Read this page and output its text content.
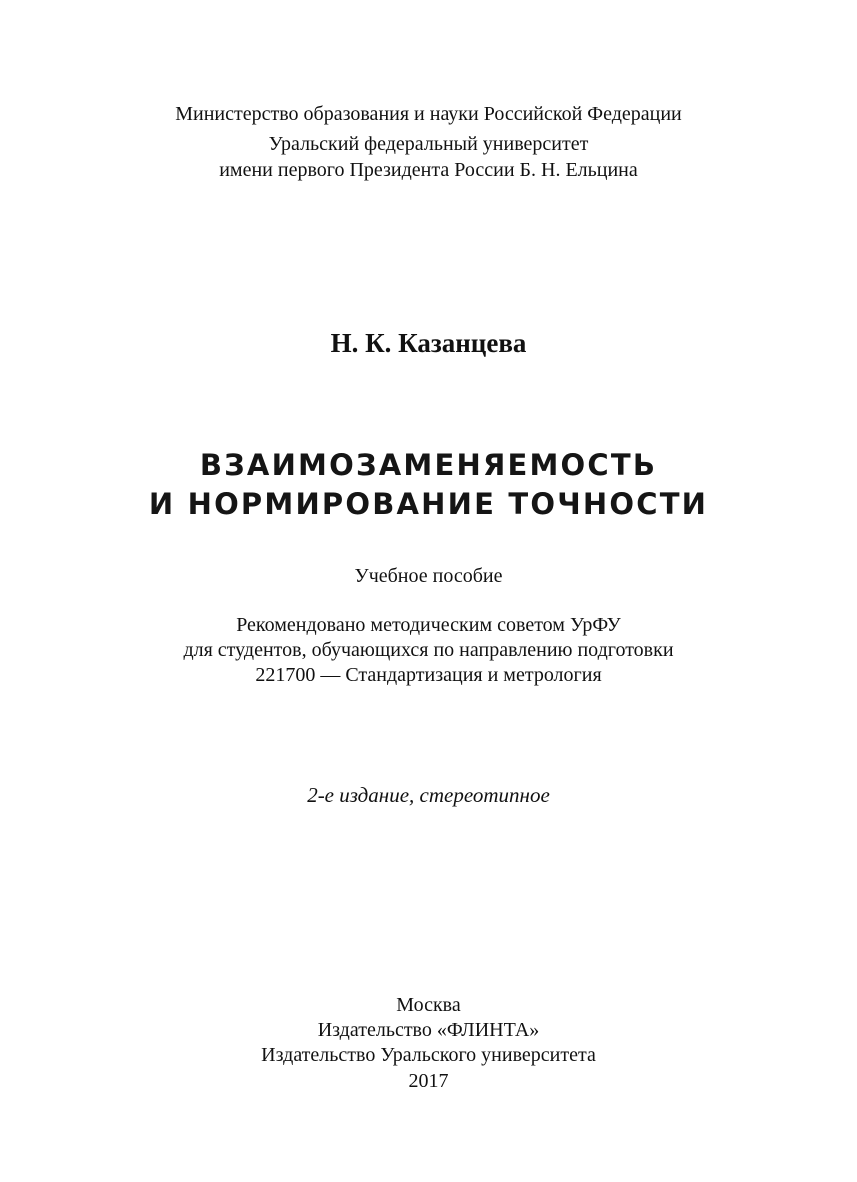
Министерство образования и науки Российской Федерации
Уральский федеральный университет
имени первого Президента России Б. Н. Ельцина
Н. К. Казанцева
ВЗАИМОЗАМЕНЯЕМОСТЬ
И НОРМИРОВАНИЕ ТОЧНОСТИ
Учебное пособие
Рекомендовано методическим советом УрФУ
для студентов, обучающихся по направлению подготовки
221700 — Стандартизация и метрология
2-е издание, стереотипное
Москва
Издательство «ФЛИНТА»
Издательство Уральского университета
2017
